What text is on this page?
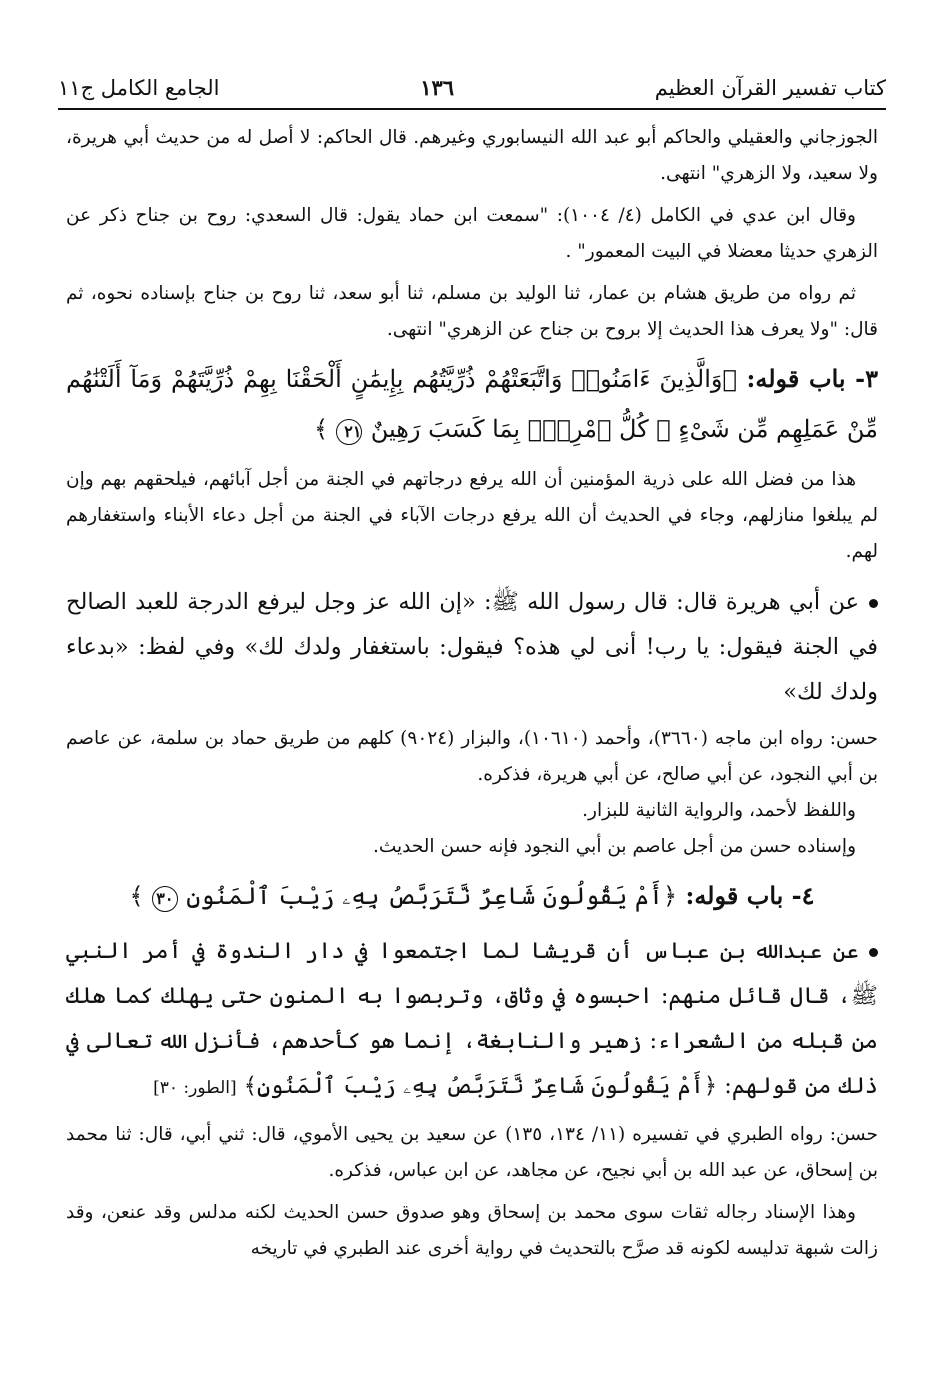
كتاب تفسير القرآن العظيم
١٣٦
الجامع الكامل ج١١

الجوزجاني والعقيلي والحاكم أبو عبد الله النيسابوري وغيرهم. قال الحاكم: لا أصل له من حديث أبي هريرة، ولا سعيد، ولا الزهري" انتهى.

وقال ابن عدي في الكامل (٤/ ١٠٠٤): "سمعت ابن حماد يقول: قال السعدي: روح بن جناح ذكر عن الزهري حديثا معضلا في البيت المعمور" .

ثم رواه من طريق هشام بن عمار، ثنا الوليد بن مسلم، ثنا أبو سعد، ثنا روح بن جناح بإسناده نحوه، ثم قال: "ولا يعرف هذا الحديث إلا بروح بن جناح عن الزهري" انتهى.

٣- باب قوله: ﴿وَالَّذِينَ ءَامَنُوا۟ وَاتَّبَعَتْهُمْ ذُرِّيَّتُهُم بِإِيمَٰنٍ أَلْحَقْنَا بِهِمْ ذُرِّيَّتَهُمْ وَمَآ أَلَتْنَٰهُم مِّنْ عَمَلِهِم مِّن شَىْءٍ ۚ كُلُّ ٱمْرِئٍۭ بِمَا كَسَبَ رَهِينٌ ٢١ ﴾

هذا من فضل الله على ذرية المؤمنين أن الله يرفع درجاتهم في الجنة من أجل آبائهم، فيلحقهم بهم وإن لم يبلغوا منازلهم، وجاء في الحديث أن الله يرفع درجات الآباء في الجنة من أجل دعاء الأبناء واستغفارهم لهم.

عن أبي هريرة قال: قال رسول الله ﷺ: «إن الله عز وجل ليرفع الدرجة للعبد الصالح في الجنة فيقول: يا رب! أنى لي هذه؟ فيقول: باستغفار ولدك لك» وفي لفظ: «بدعاء ولدك لك»

حسن: رواه ابن ماجه (٣٦٦٠)، وأحمد (١٠٦١٠)، والبزار (٩٠٢٤) كلهم من طريق حماد بن سلمة، عن عاصم بن أبي النجود، عن أبي صالح، عن أبي هريرة، فذكره.

واللفظ لأحمد، والرواية الثانية للبزار.

وإسناده حسن من أجل عاصم بن أبي النجود فإنه حسن الحديث.

٤- باب قوله: ﴿أَمْ يَقُولُونَ شَاعِرٌ نَّتَرَبَّصُ بِهِۦ رَيْبَ ٱلْمَنُونِ ٣٠ ﴾

عن عبدالله بن عباس أن قريشا لما اجتمعوا في دار الندوة في أمر النبي ﷺ، قال قائل منهم: احبسوه في وثاق، وتربصوا به المنون حتى يهلك كما هلك من قبله من الشعراء: زهير والنابغة، إنما هو كأحدهم، فأنزل الله تعالى في ذلك من قولهم: ﴿أَمْ يَقُولُونَ شَاعِرٌ نَّتَرَبَّصُ بِهِۦ رَيْبَ ٱلْمَنُونِ﴾ [الطور: ٣٠]

حسن: رواه الطبري في تفسيره (١١/ ١٣٤، ١٣٥) عن سعيد بن يحيى الأموي، قال: ثني أبي، قال: ثنا محمد بن إسحاق، عن عبد الله بن أبي نجيح، عن مجاهد، عن ابن عباس، فذكره.

وهذا الإسناد رجاله ثقات سوى محمد بن إسحاق وهو صدوق حسن الحديث لكنه مدلس وقد عنعن، وقد زالت شبهة تدليسه لكونه قد صرَّح بالتحديث في رواية أخرى عند الطبري في تاريخه
